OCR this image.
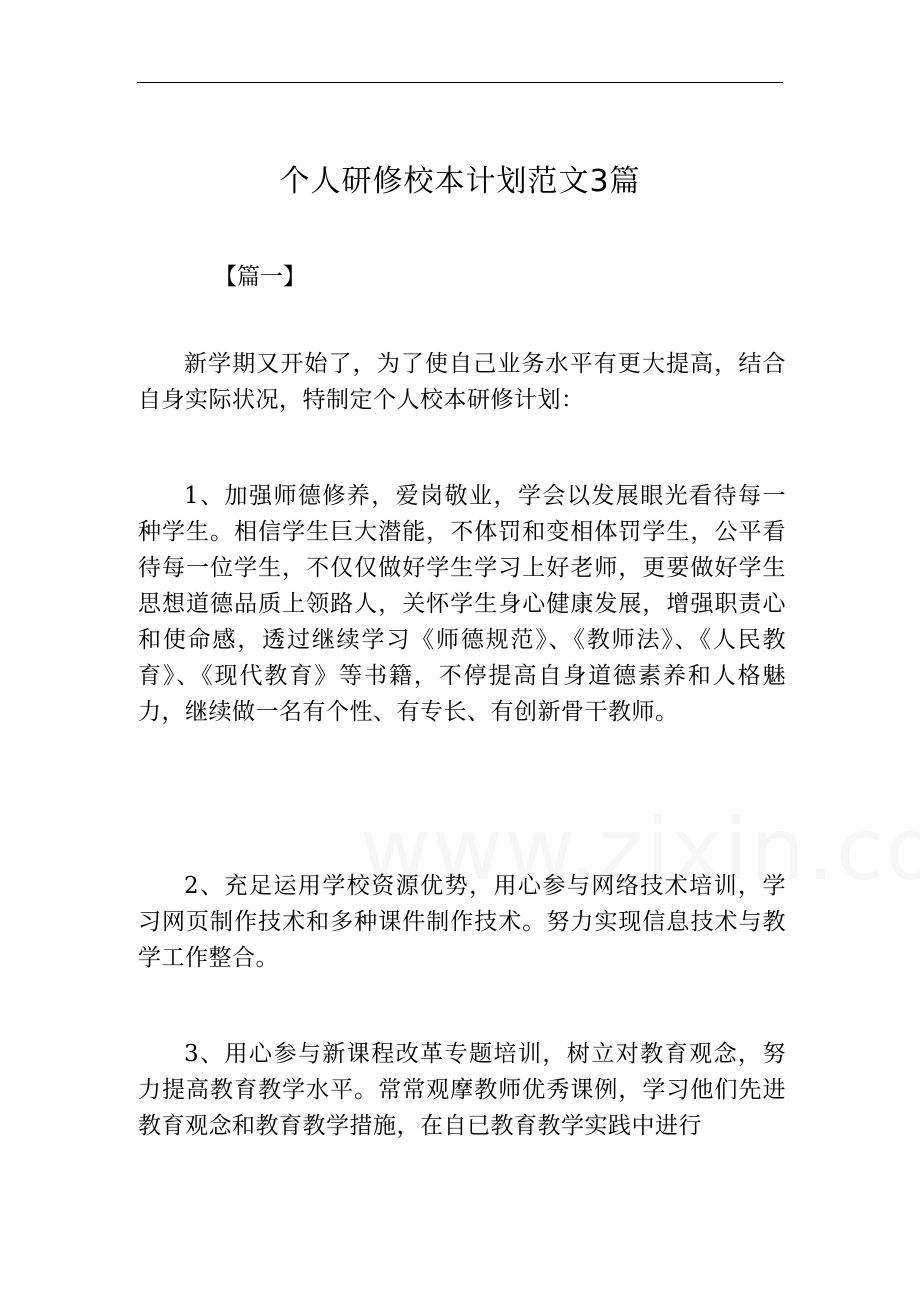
个人研修校本计划范文3篇
【篇一】

新学期又开始了，为了使自己业务水平有更大提高，结合自身实际状况，特制定个人校本研修计划：

1、加强师德修养，爱岗敬业，学会以发展眼光看待每一种学生。相信学生巨大潜能，不体罚和变相体罚学生，公平看待每一位学生，不仅仅做好学生学习上好老师，更要做好学生思想道德品质上领路人，关怀学生身心健康发展，增强职责心和使命感，透过继续学习《师德规范》、《教师法》、《人民教育》、《现代教育》等书籍，不停提高自身道德素养和人格魅力，继续做一名有个性、有专长、有创新骨干教师。

2、充足运用学校资源优势，用心参与网络技术培训，学习网页制作技术和多种课件制作技术。努力实现信息技术与教学工作整合。

3、用心参与新课程改革专题培训，树立对教育观念，努力提高教育教学水平。常常观摩教师优秀课例，学习他们先进教育观念和教育教学措施，在自已教育教学实践中进行
